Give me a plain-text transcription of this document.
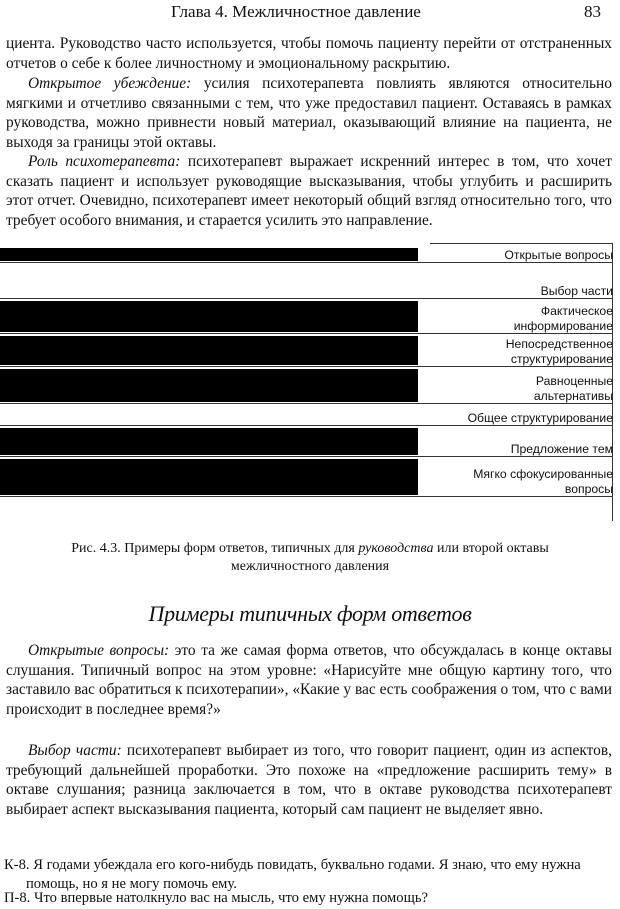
Глава 4. Межличностное давление	83

циента. Руководство часто используется, чтобы помочь пациенту перейти от отстраненных отчетов о себе к более личностному и эмоциональному раскрытию.

Открытое убеждение: усилия психотерапевта повлиять являются относительно мягкими и отчетливо связанными с тем, что уже предоставил пациент. Оставаясь в рамках руководства, можно привнести новый материал, оказывающий влияние на пациента, не выходя за границы этой октавы.

Роль психотерапевта: психотерапевт выражает искренний интерес в том, что хочет сказать пациент и использует руководящие высказывания, чтобы углубить и расширить этот отчет. Очевидно, психотерапевт имеет некоторый общий взгляд относительно того, что требует особого внимания, и старается усилить это направление.

Открытые вопросы
Выбор части
Фактическое
информирование
Непосредственное
структурирование
Равноценные
альтернативы
Общее структурирование
Предложение тем
Мягко сфокусированные
вопросы
Рис. 4.3. Примеры форм ответов, типичных для руководства или второй октавы
межличностного давления
Примеры типичных форм ответов

Открытые вопросы: это та же самая форма ответов, что обсуждалась в конце октавы слушания. Типичный вопрос на этом уровне: «Нарисуйте мне общую картину того, что заставило вас обратиться к психотерапии», «Какие у вас есть соображения о том, что с вами происходит в последнее время?»

Выбор части: психотерапевт выбирает из того, что говорит пациент, один из аспектов, требующий дальнейшей проработки. Это похоже на «предложение расширить тему» в октаве слушания; разница заключается в том, что в октаве руководства психотерапевт выбирает аспект высказывания пациента, который сам пациент не выделяет явно.

К-8. Я годами убеждала его кого-нибудь повидать, буквально годами. Я знаю, что ему нужна
помощь, но я не могу помочь ему.
П-8. Что впервые натолкнуло вас на мысль, что ему нужна помощь?
